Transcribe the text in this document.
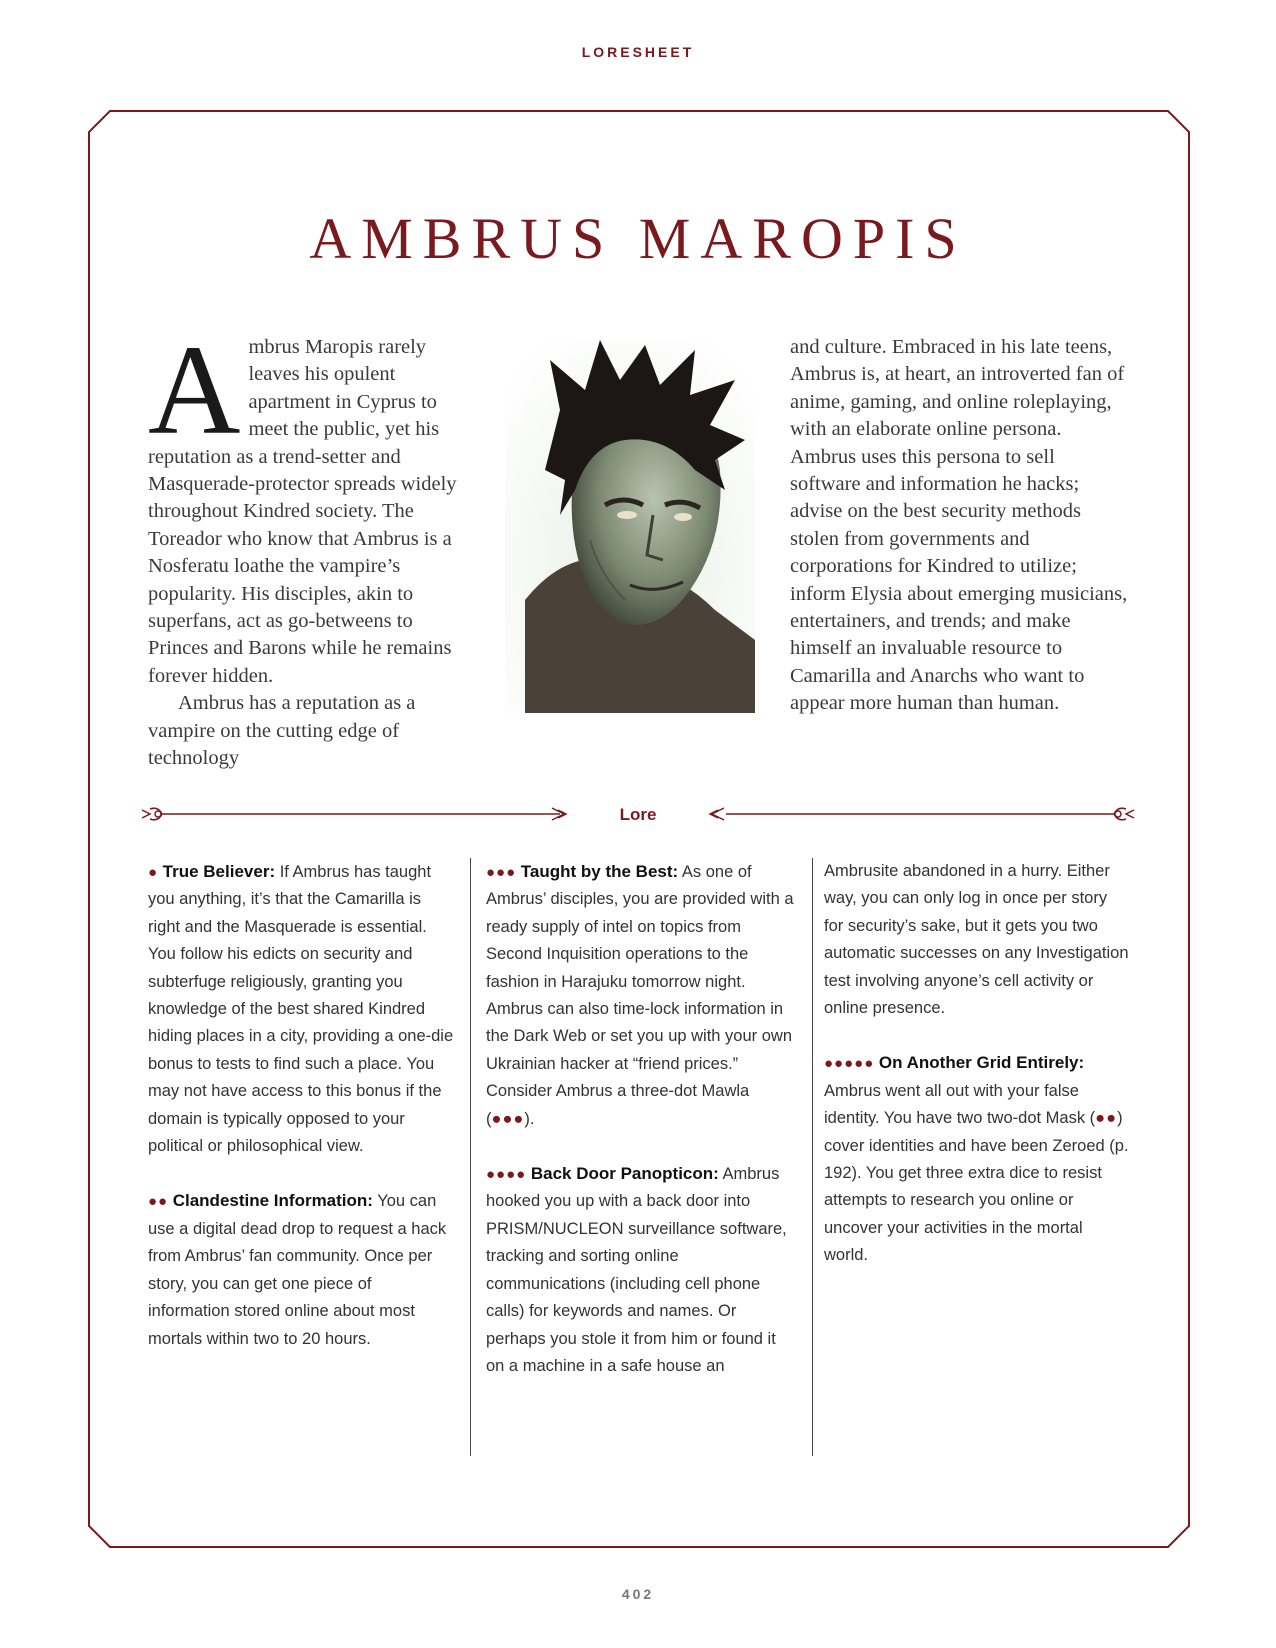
LORESHEET
AMBRUS MAROPIS

Ambrus Maropis rarely leaves his opulent apartment in Cyprus to meet the public, yet his reputation as a trend-setter and Masquerade-protector spreads widely throughout Kindred society. The Toreador who know that Ambrus is a Nosferatu loathe the vampire’s popularity. His disciples, akin to superfans, act as go-betweens to Princes and Barons while he remains forever hidden.

Ambrus has a reputation as a vampire on the cutting edge of technology

and culture. Embraced in his late teens, Ambrus is, at heart, an introverted fan of anime, gaming, and online roleplaying, with an elaborate online persona. Ambrus uses this persona to sell software and information he hacks; advise on the best security methods stolen from governments and corporations for Kindred to utilize; inform Elysia about emerging musicians, entertainers, and trends; and make himself an invaluable resource to Camarilla and Anarchs who want to appear more human than human.

Lore

● True Believer: If Ambrus has taught you anything, it’s that the Camarilla is right and the Masquerade is essential. You follow his edicts on security and subterfuge religiously, granting you knowledge of the best shared Kindred hiding places in a city, providing a one-die bonus to tests to find such a place. You may not have access to this bonus if the domain is typically opposed to your political or philosophical view.

●● Clandestine Information: You can use a digital dead drop to request a hack from Ambrus’ fan community. Once per story, you can get one piece of information stored online about most mortals within two to 20 hours.

●●● Taught by the Best: As one of Ambrus’ disciples, you are provided with a ready supply of intel on topics from Second Inquisition operations to the fashion in Harajuku tomorrow night. Ambrus can also time-lock information in the Dark Web or set you up with your own Ukrainian hacker at “friend prices.” Consider Ambrus a three-dot Mawla (●●●).

●●●● Back Door Panopticon: Ambrus hooked you up with a back door into PRISM/NUCLEON surveillance software, tracking and sorting online communications (including cell phone calls) for keywords and names. Or perhaps you stole it from him or found it on a machine in a safe house an

Ambrusite abandoned in a hurry. Either way, you can only log in once per story for security’s sake, but it gets you two automatic successes on any Investigation test involving anyone’s cell activity or online presence.

●●●●● On Another Grid Entirely: Ambrus went all out with your false identity. You have two two-dot Mask (●●) cover identities and have been Zeroed (p. 192). You get three extra dice to resist attempts to research you online or uncover your activities in the mortal world.

402
